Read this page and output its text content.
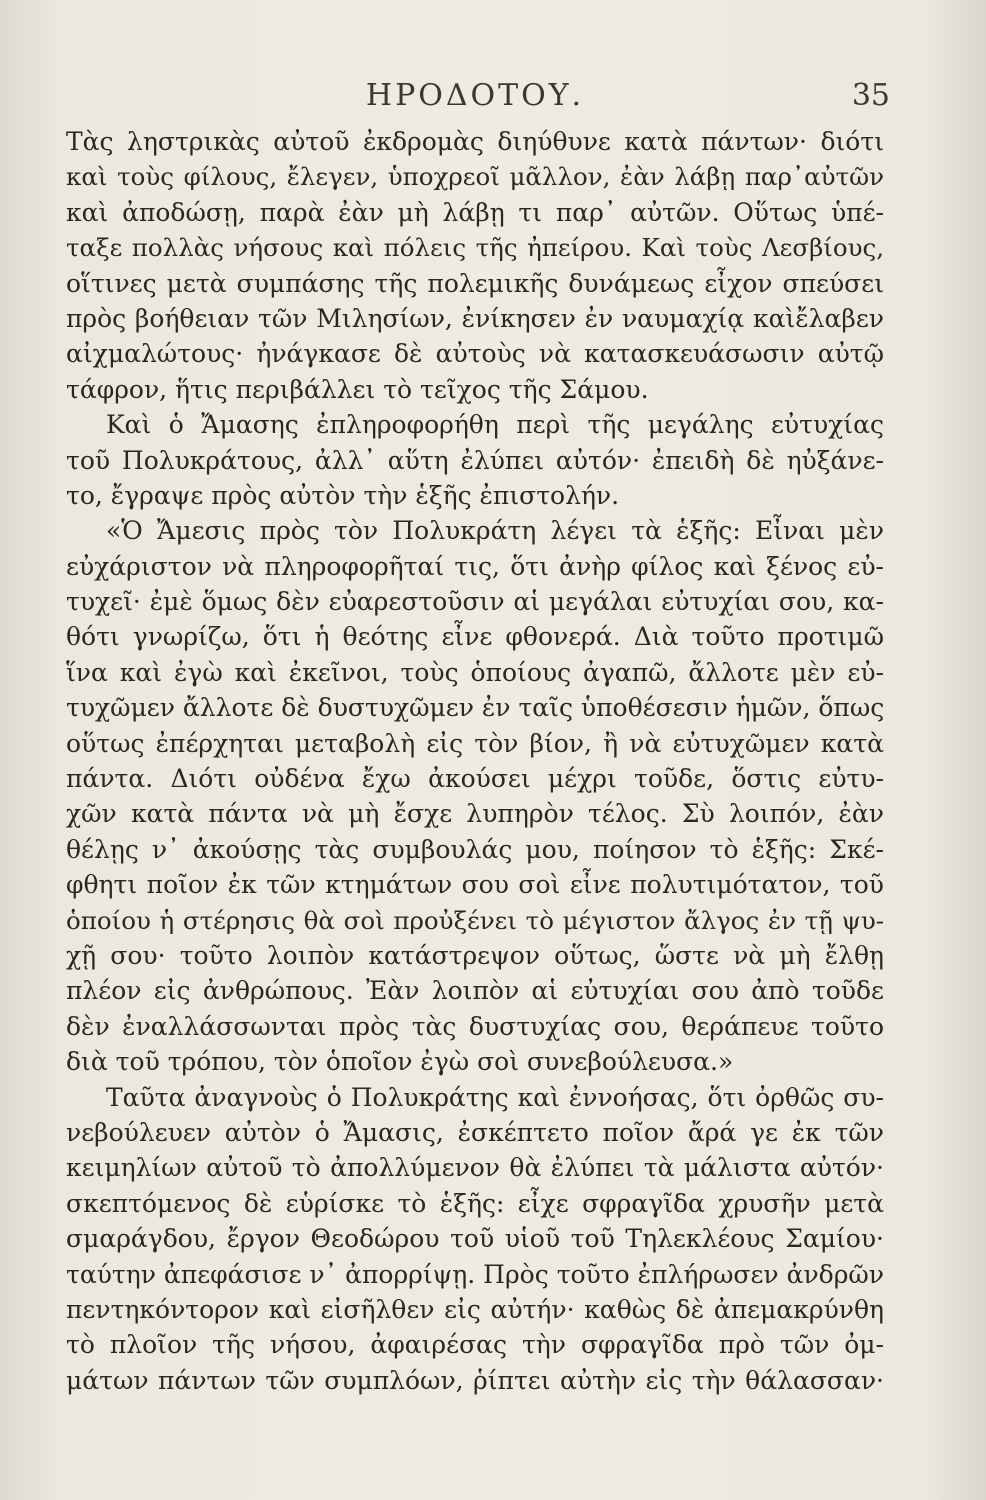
ΗΡΟΔΟΤΟΥ.	35
Τὰς ληστρικὰς αὐτοῦ ἐκδρομὰς διηύθυνε κατὰ πάντων· διότι
καὶ τοὺς φίλους, ἔλεγεν, ὑποχρεοῖ μᾶλλον, ἐὰν λάβῃ παρ᾽αὐτῶν
καὶ ἀποδώσῃ, παρὰ ἐὰν μὴ λάβῃ τι παρ᾽ αὐτῶν. Οὕτως ὑπέ-
ταξε πολλὰς νήσους καὶ πόλεις τῆς ἠπείρου. Καὶ τοὺς Λεσβίους,
οἵτινες μετὰ συμπάσης τῆς πολεμικῆς δυνάμεως εἶχον σπεύσει
πρὸς βοήθειαν τῶν Μιλησίων, ἐνίκησεν ἐν ναυμαχίᾳ καὶἔλαβεν
αἰχμαλώτους· ἠνάγκασε δὲ αὐτοὺς νὰ κατασκευάσωσιν αὐτῷ
τάφρον, ἥτις περιβάλλει τὸ τεῖχος τῆς Σάμου.
Καὶ ὁ Ἄμασης ἐπληροφορήθη περὶ τῆς μεγάλης εὐτυχίας
τοῦ Πολυκράτους, ἀλλ᾽ αὕτη ἐλύπει αὐτόν· ἐπειδὴ δὲ ηὐξάνε-
το, ἔγραψε πρὸς αὐτὸν τὴν ἑξῆς ἐπιστολήν.
«Ὁ Ἄμεσις πρὸς τὸν Πολυκράτη λέγει τὰ ἑξῆς: Εἶναι μὲν
εὐχάριστον νὰ πληροφορῆταί τις, ὅτι ἀνὴρ φίλος καὶ ξένος εὐ-
τυχεῖ· ἐμὲ ὅμως δὲν εὐαρεστοῦσιν αἱ μεγάλαι εὐτυχίαι σου, κα-
θότι γνωρίζω, ὅτι ἡ θεότης εἶνε φθονερά. Διὰ τοῦτο προτιμῶ
ἵνα καὶ ἐγὼ καὶ ἐκεῖνοι, τοὺς ὁποίους ἀγαπῶ, ἄλλοτε μὲν εὐ-
τυχῶμεν ἄλλοτε δὲ δυστυχῶμεν ἐν ταῖς ὑποθέσεσιν ἡμῶν, ὅπως
οὕτως ἐπέρχηται μεταβολὴ εἰς τὸν βίον, ἢ νὰ εὐτυχῶμεν κατὰ
πάντα. Διότι οὐδένα ἔχω ἀκούσει μέχρι τοῦδε, ὅστις εὐτυ-
χῶν κατὰ πάντα νὰ μὴ ἔσχε λυπηρὸν τέλος. Σὺ λοιπόν, ἐὰν
θέλῃς ν᾽ ἀκούσῃς τὰς συμβουλάς μου, ποίησον τὸ ἑξῆς: Σκέ-
φθητι ποῖον ἐκ τῶν κτημάτων σου σοὶ εἶνε πολυτιμότατον, τοῦ
ὁποίου ἡ στέρησις θὰ σοὶ προὐξένει τὸ μέγιστον ἄλγος ἐν τῇ ψυ-
χῇ σου· τοῦτο λοιπὸν κατάστρεψον οὕτως, ὥστε νὰ μὴ ἔλθῃ
πλέον εἰς ἀνθρώπους. Ἐὰν λοιπὸν αἱ εὐτυχίαι σου ἀπὸ τοῦδε
δὲν ἐναλλάσσωνται πρὸς τὰς δυστυχίας σου, θεράπευε τοῦτο
διὰ τοῦ τρόπου, τὸν ὁποῖον ἐγὼ σοὶ συνεβούλευσα.»
Ταῦτα ἀναγνοὺς ὁ Πολυκράτης καὶ ἐννοήσας, ὅτι ὀρθῶς συ-
νεβούλευεν αὐτὸν ὁ Ἄμασις, ἐσκέπτετο ποῖον ἄρά γε ἐκ τῶν
κειμηλίων αὐτοῦ τὸ ἀπολλύμενον θὰ ἐλύπει τὰ μάλιστα αὐτόν·
σκεπτόμενος δὲ εὑρίσκε τὸ ἑξῆς: εἶχε σφραγῖδα χρυσῆν μετὰ
σμαράγδου, ἔργον Θεοδώρου τοῦ υἱοῦ τοῦ Τηλεκλέους Σαμίου·
ταύτην ἀπεφάσισε ν᾽ ἀπορρίψῃ. Πρὸς τοῦτο ἐπλήρωσεν ἀνδρῶν
πεντηκόντορον καὶ εἰσῆλθεν εἰς αὐτήν· καθὼς δὲ ἀπεμακρύνθη
τὸ πλοῖον τῆς νήσου, ἀφαιρέσας τὴν σφραγῖδα πρὸ τῶν ὀμ-
μάτων πάντων τῶν συμπλόων, ῥίπτει αὐτὴν εἰς τὴν θάλασσαν·
